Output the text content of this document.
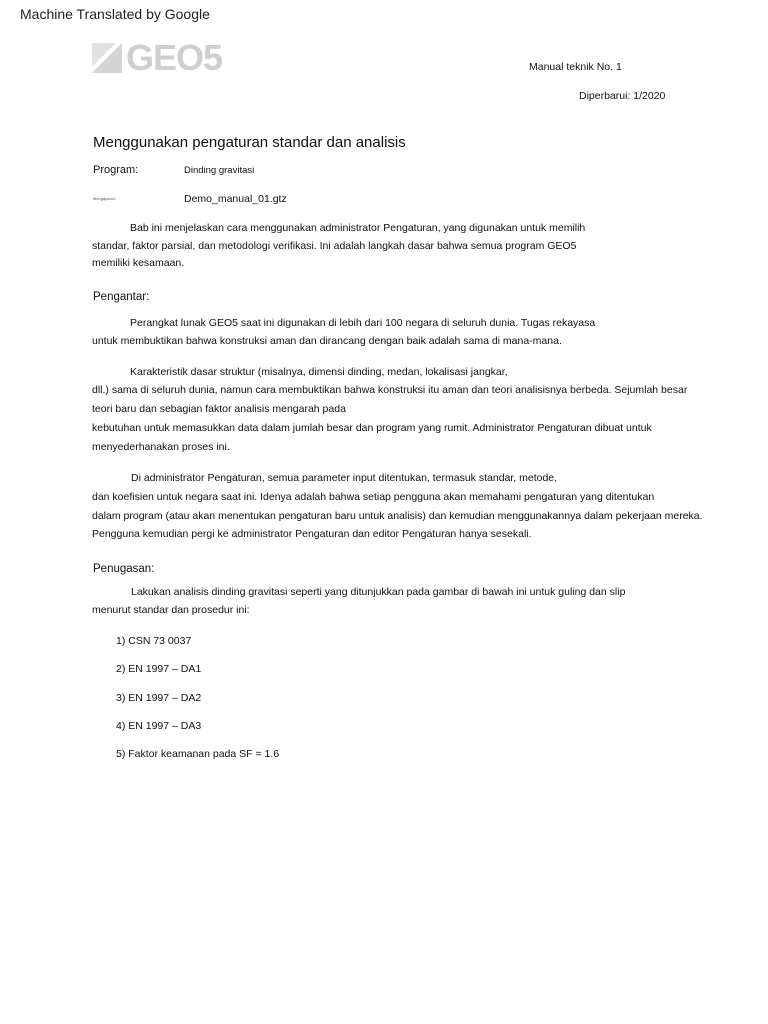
Machine Translated by Google
GEO5	Manual teknik No. 1
Diperbarui: 1/2020
Menggunakan pengaturan standar dan analisis
Program:	Dinding gravitasi
Mengajukan:	Demo_manual_01.gtz
Bab ini menjelaskan cara menggunakan administrator Pengaturan, yang digunakan untuk memilih
standar, faktor parsial, dan metodologi verifikasi. Ini adalah langkah dasar bahwa semua program GEO5
memiliki kesamaan.
Pengantar:
Perangkat lunak GEO5 saat ini digunakan di lebih dari 100 negara di seluruh dunia. Tugas rekayasa
untuk membuktikan bahwa konstruksi aman dan dirancang dengan baik adalah sama di mana-mana.
Karakteristik dasar struktur (misalnya, dimensi dinding, medan, lokalisasi jangkar,
dll.) sama di seluruh dunia, namun cara membuktikan bahwa konstruksi itu aman dan teori analisisnya berbeda. Sejumlah besar
teori baru dan sebagian faktor analisis mengarah pada
kebutuhan untuk memasukkan data dalam jumlah besar dan program yang rumit. Administrator Pengaturan dibuat untuk
menyederhanakan proses ini.
Di administrator Pengaturan, semua parameter input ditentukan, termasuk standar, metode,
dan koefisien untuk negara saat ini. Idenya adalah bahwa setiap pengguna akan memahami pengaturan yang ditentukan
dalam program (atau akan menentukan pengaturan baru untuk analisis) dan kemudian menggunakannya dalam pekerjaan mereka.
Pengguna kemudian pergi ke administrator Pengaturan dan editor Pengaturan hanya sesekali.
Penugasan:
Lakukan analisis dinding gravitasi seperti yang ditunjukkan pada gambar di bawah ini untuk guling dan slip
menurut standar dan prosedur ini:
1) CSN 73 0037
2) EN 1997 – DA1
3) EN 1997 – DA2
4) EN 1997 – DA3
5) Faktor keamanan pada SF = 1.6
